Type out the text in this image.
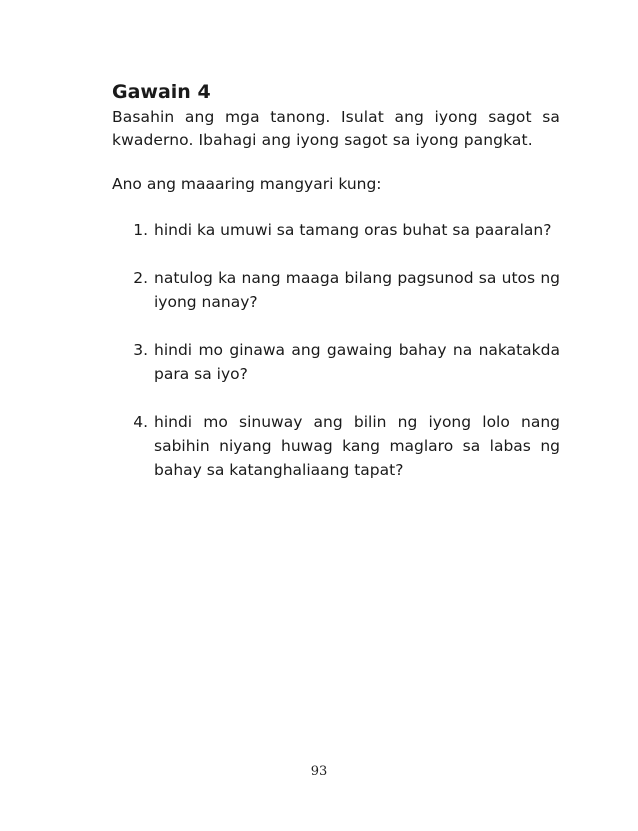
Gawain 4

Basahin ang mga tanong. Isulat ang iyong sagot sa kwaderno. Ibahagi ang iyong sagot sa iyong pangkat.

Ano ang maaaring mangyari kung:

1. hindi ka umuwi sa tamang oras buhat sa paaralan?
2. natulog ka nang maaga bilang pagsunod sa utos ng iyong nanay?
3. hindi mo ginawa ang gawaing bahay na nakatakda para sa iyo?
4. hindi mo sinuway ang bilin ng iyong lolo nang sabihin niyang huwag kang maglaro sa labas ng bahay sa katanghaliaang tapat?
93
